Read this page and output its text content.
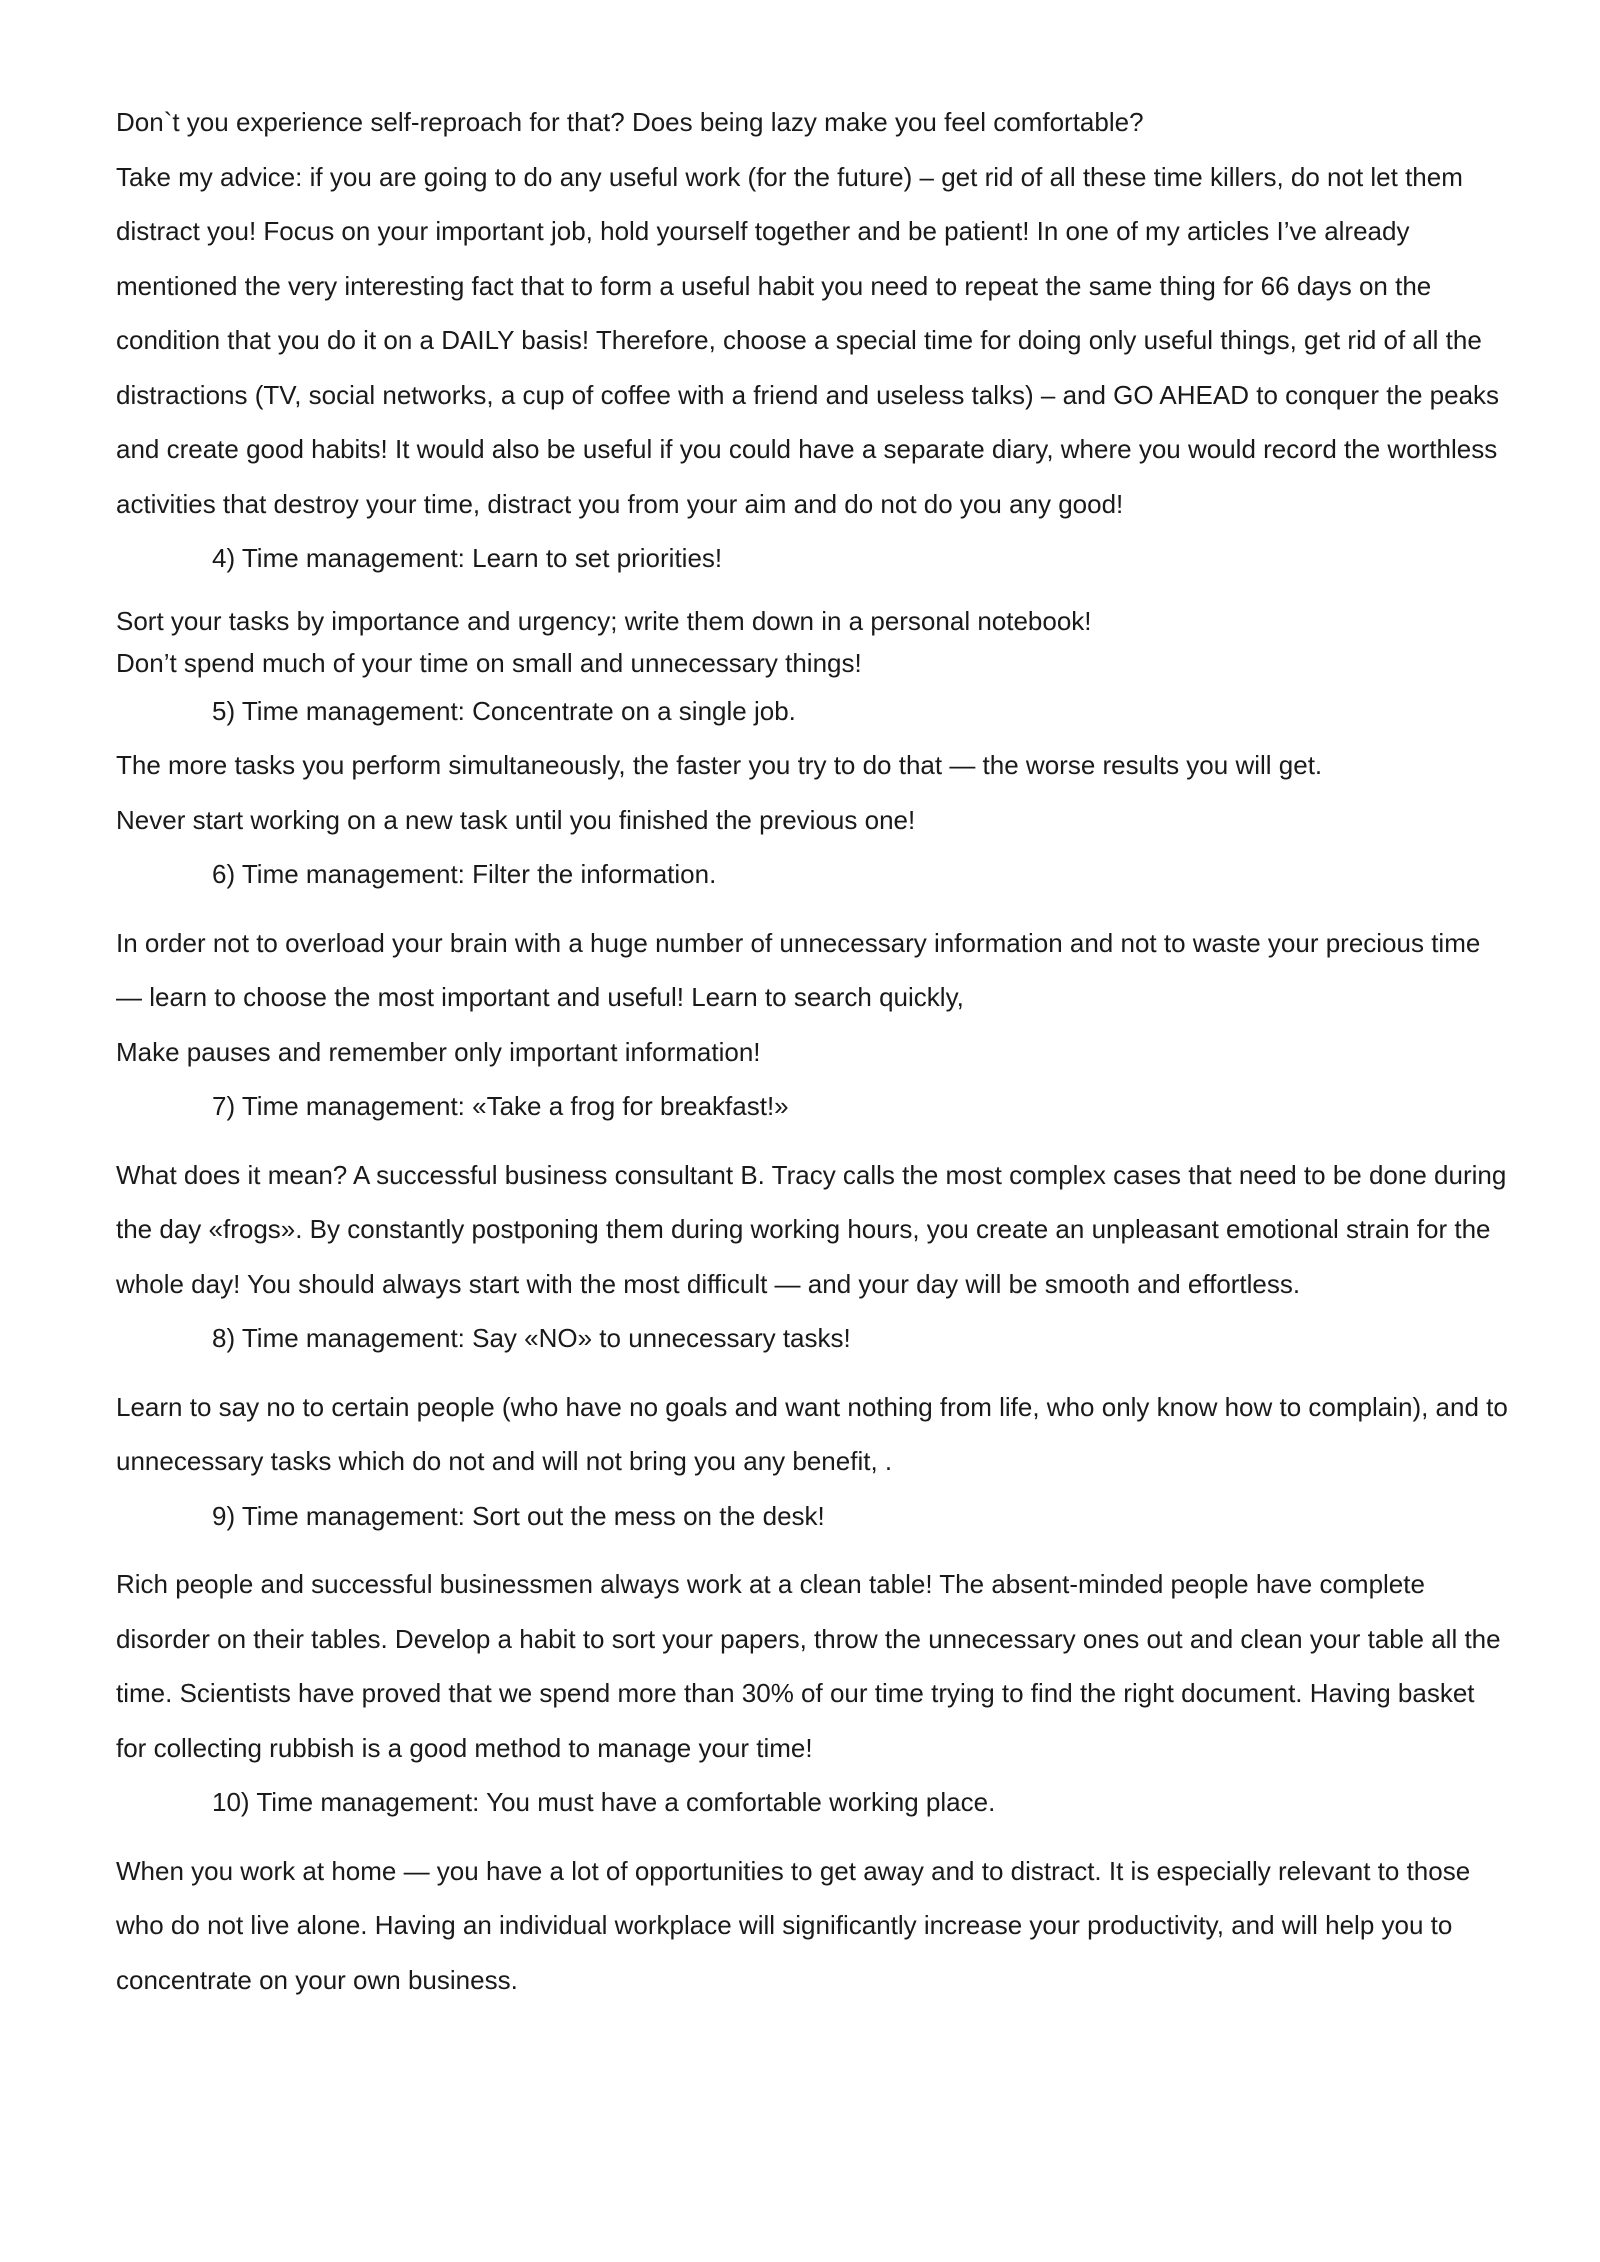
Don`t you experience self-reproach for that? Does being lazy make you feel comfortable?

Take my advice: if you are going to do any useful work (for the future) – get rid of all these time killers, do not let them distract you! Focus on your important job, hold yourself together and be patient! In one of my articles I’ve already mentioned the very interesting fact that to form a useful habit you need to repeat the same thing for 66 days on the condition that you do it on a DAILY basis! Therefore, choose a special time for doing only useful things, get rid of all the distractions (TV, social networks, a cup of coffee with a friend and useless talks) – and GO AHEAD to conquer the peaks and create good habits! It would also be useful if you could have a separate diary, where you would record the worthless activities that destroy your time, distract you from your aim and do not do you any good!

4) Time management: Learn to set priorities!

Sort your tasks by importance and urgency; write them down in a personal notebook!

Don’t spend much of your time on small and unnecessary things!

5) Time management: Concentrate on a single job.

The more tasks you perform simultaneously, the faster you try to do that — the worse results you will get.

Never start working on a new task until you finished the previous one!

6) Time management: Filter the information.

In order not to overload your brain with a huge number of unnecessary information and not to waste your precious time — learn to choose the most important and useful! Learn to search quickly,

Make pauses and remember only important information!

7) Time management: «Take a frog for breakfast!»

What does it mean? A successful business consultant B. Tracy calls the most complex cases that need to be done during the day «frogs». By constantly postponing them during working hours, you create an unpleasant emotional strain for the whole day! You should always start with the most difficult — and your day will be smooth and effortless.

8) Time management: Say «NO» to unnecessary tasks!

Learn to say no to certain people (who have no goals and want nothing from life, who only know how to complain), and to unnecessary tasks which do not and will not bring you any benefit, .

9) Time management: Sort out the mess on the desk!

Rich people and successful businessmen always work at a clean table! The absent-minded people have complete disorder on their tables. Develop a habit to sort your papers, throw the unnecessary ones out and clean your table all the time. Scientists have proved that we spend more than 30% of our time trying to find the right document. Having basket for collecting rubbish is a good method to manage your time!

10) Time management: You must have a comfortable working place.

When you work at home — you have a lot of opportunities to get away and to distract. It is especially relevant to those who do not live alone. Having an individual workplace will significantly increase your productivity, and will help you to concentrate on your own business.
